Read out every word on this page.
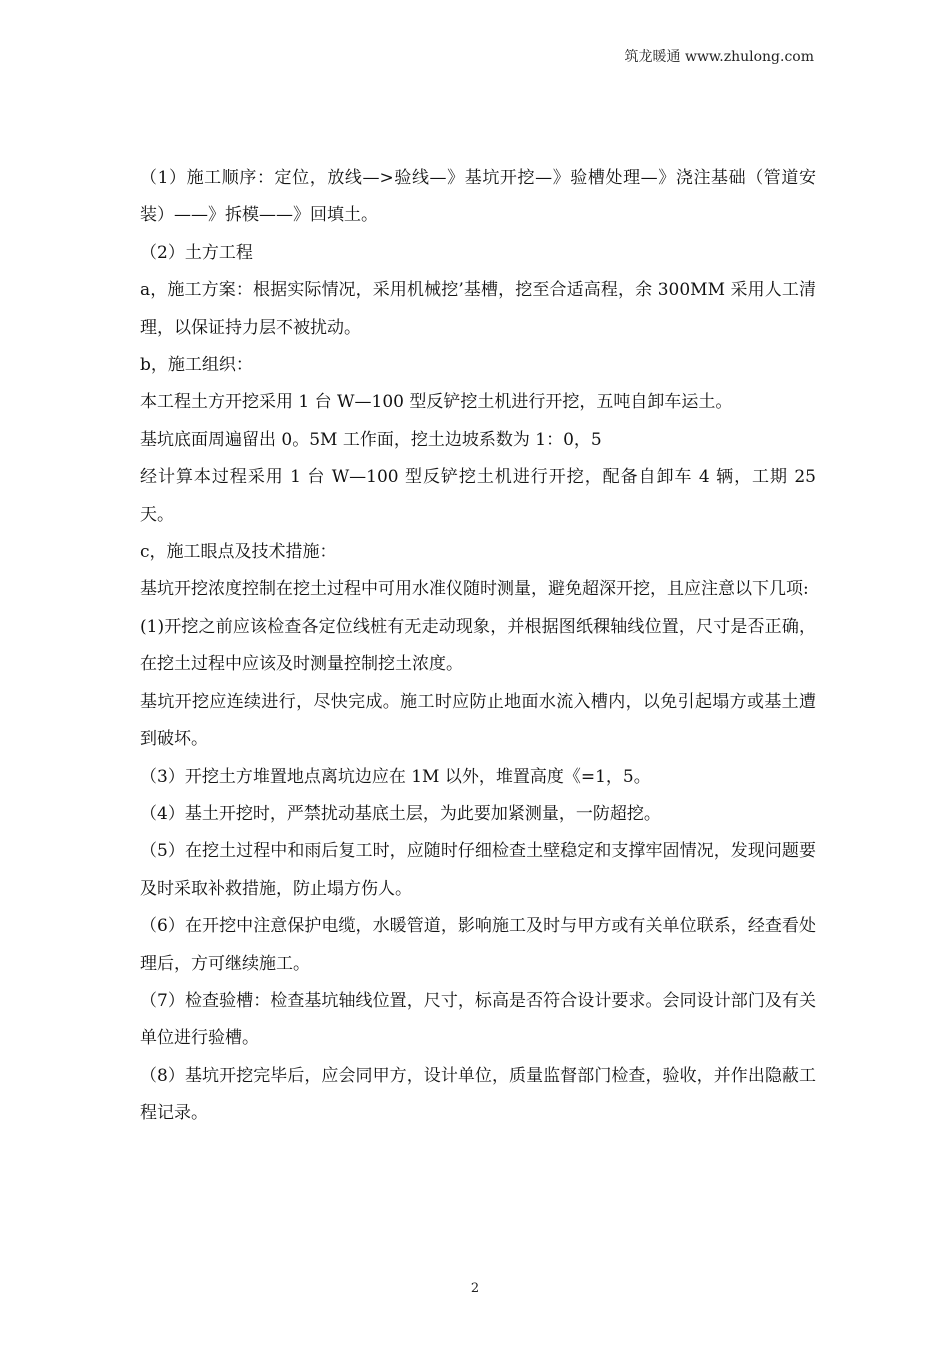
筑龙暖通 www.zhulong.com

（1）施工顺序：定位，放线—>验线—》基坑开挖—》验槽处理—》浇注基础（管道安装）——》拆模——》回填土。

（2）土方工程

a，施工方案：根据实际情况，采用机械挖’基槽，挖至合适高程，余 300MM 采用人工清理，以保证持力层不被扰动。

b，施工组织：

本工程土方开挖采用 1 台 W—100 型反铲挖土机进行开挖，五吨自卸车运土。

基坑底面周遍留出 0。5M 工作面，挖土边坡系数为 1：0，5

经计算本过程采用 1 台 W—100 型反铲挖土机进行开挖，配备自卸车 4 辆，工期 25 天。

c，施工眼点及技术措施：

基坑开挖浓度控制在挖土过程中可用水准仪随时测量，避免超深开挖，且应注意以下几项:

(1)开挖之前应该检查各定位线桩有无走动现象，并根据图纸稞轴线位置，尺寸是否正确，在挖土过程中应该及时测量控制挖土浓度。

基坑开挖应连续进行，尽快完成。施工时应防止地面水流入槽内，以免引起塌方或基土遭到破坏。

（3）开挖土方堆置地点离坑边应在 1M 以外，堆置高度《=1，5。

（4）基土开挖时，严禁扰动基底土层，为此要加紧测量，一防超挖。

（5）在挖土过程中和雨后复工时，应随时仔细检查土壁稳定和支撑牢固情况，发现问题要及时采取补救措施，防止塌方伤人。

（6）在开挖中注意保护电缆，水暖管道，影响施工及时与甲方或有关单位联系，经查看处理后，方可继续施工。

（7）检查验槽：检查基坑轴线位置，尺寸，标高是否符合设计要求。会同设计部门及有关单位进行验槽。

（8）基坑开挖完毕后，应会同甲方，设计单位，质量监督部门检查，验收，并作出隐蔽工程记录。

2
